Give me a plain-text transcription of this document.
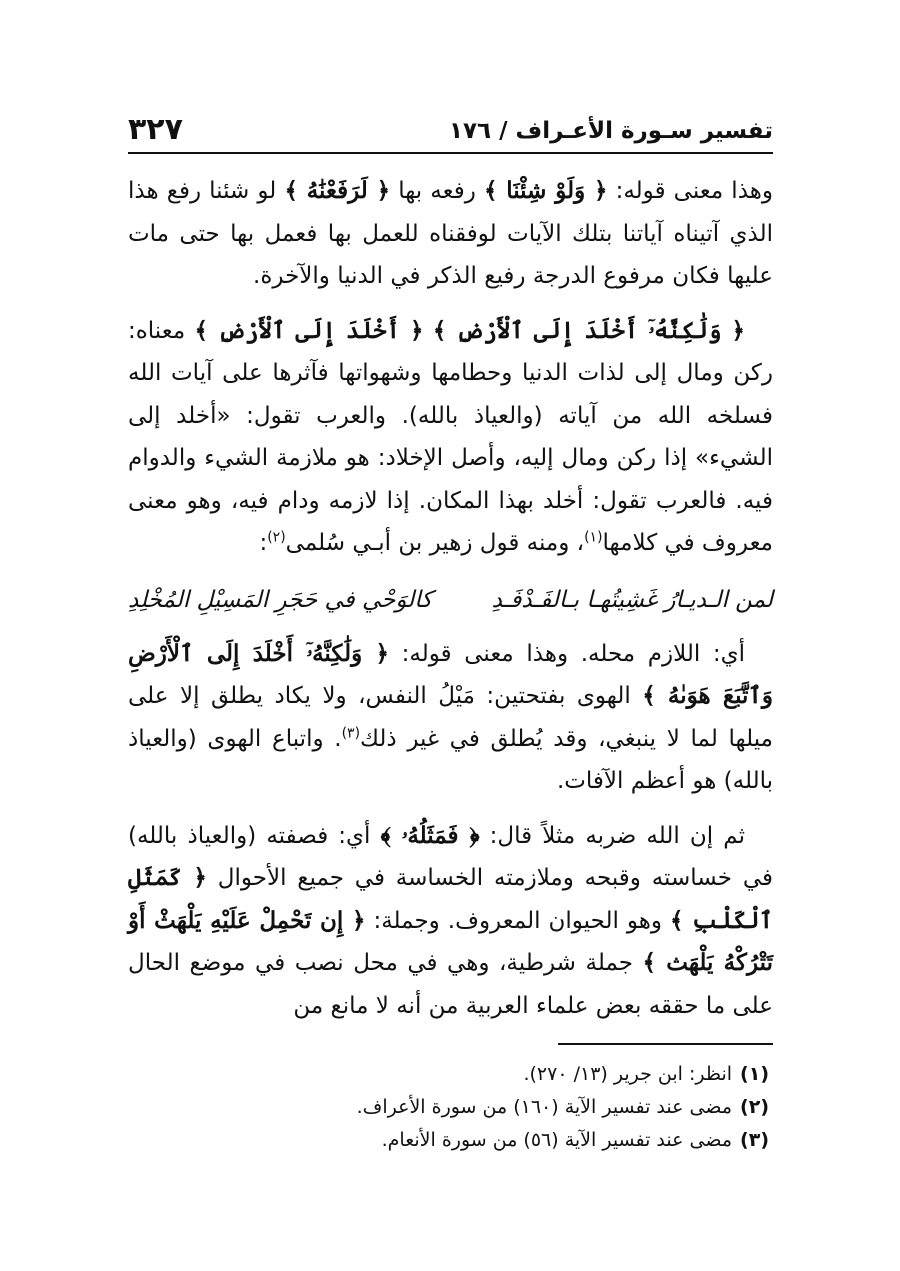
تفسير سـورة الأعـراف / ١٧٦
٣٢٧

وهذا معنى قوله: ﴿ وَلَوْ شِئْنَا ﴾ رفعه بها ﴿ لَرَفَعْنَٰهُ ﴾ لو شئنا رفع هذا الذي آتيناه آياتنا بتلك الآيات لوفقناه للعمل بها فعمل بها حتى مات عليها فكان مرفوع الدرجة رفيع الذكر في الدنيا والآخرة.

﴿ وَلَٰكِنَّهُۥٓ أَخْلَدَ إِلَى ٱلْأَرْضِ ﴾ ﴿ أَخْلَدَ إِلَى ٱلْأَرْضِ ﴾ معناه: ركن ومال إلى لذات الدنيا وحطامها وشهواتها فآثرها على آيات الله فسلخه الله من آياته (والعياذ بالله). والعرب تقول: «أخلد إلى الشيء» إذا ركن ومال إليه، وأصل الإخلاد: هو ملازمة الشيء والدوام فيه. فالعرب تقول: أخلد بهذا المكان. إذا لازمه ودام فيه، وهو معنى معروف في كلامها$^{(١)}$، ومنه قول زهير بن أبـي سُلمى$^{(٢)}$:

لمن الـديـارُ غَشِيتُهـا بـالفَـدْفَـدِ
كالوَحْي في حَجَرِ المَسِيْلِ المُخْلِدِ

أي: اللازم محله. وهذا معنى قوله: ﴿ وَلَٰكِنَّهُۥٓ أَخْلَدَ إِلَى ٱلْأَرْضِ وَٱتَّبَعَ هَوَىٰهُ ﴾ الهوى بفتحتين: مَيْلُ النفس، ولا يكاد يطلق إلا على ميلها لما لا ينبغي، وقد يُطلق في غير ذلك$^{(٣)}$. واتباع الهوى (والعياذ بالله) هو أعظم الآفات.

ثم إن الله ضربه مثلاً قال: ﴿ فَمَثَلُهُۥ ﴾ أي: فصفته (والعياذ بالله) في خساسته وقبحه وملازمته الخساسة في جميع الأحوال ﴿ كَمَثَلِ ٱلْكَلْبِ ﴾ وهو الحيوان المعروف. وجملة: ﴿ إِن تَحْمِلْ عَلَيْهِ يَلْهَثْ أَوْ تَتْرُكْهُ يَلْهَث ﴾ جملة شرطية، وهي في محل نصب في موضع الحال على ما حققه بعض علماء العربية من أنه لا مانع من

(١)انظر: ابن جرير (١٣/ ٢٧٠).

(٢)مضى عند تفسير الآية (١٦٠) من سورة الأعراف.

(٣)مضى عند تفسير الآية (٥٦) من سورة الأنعام.
